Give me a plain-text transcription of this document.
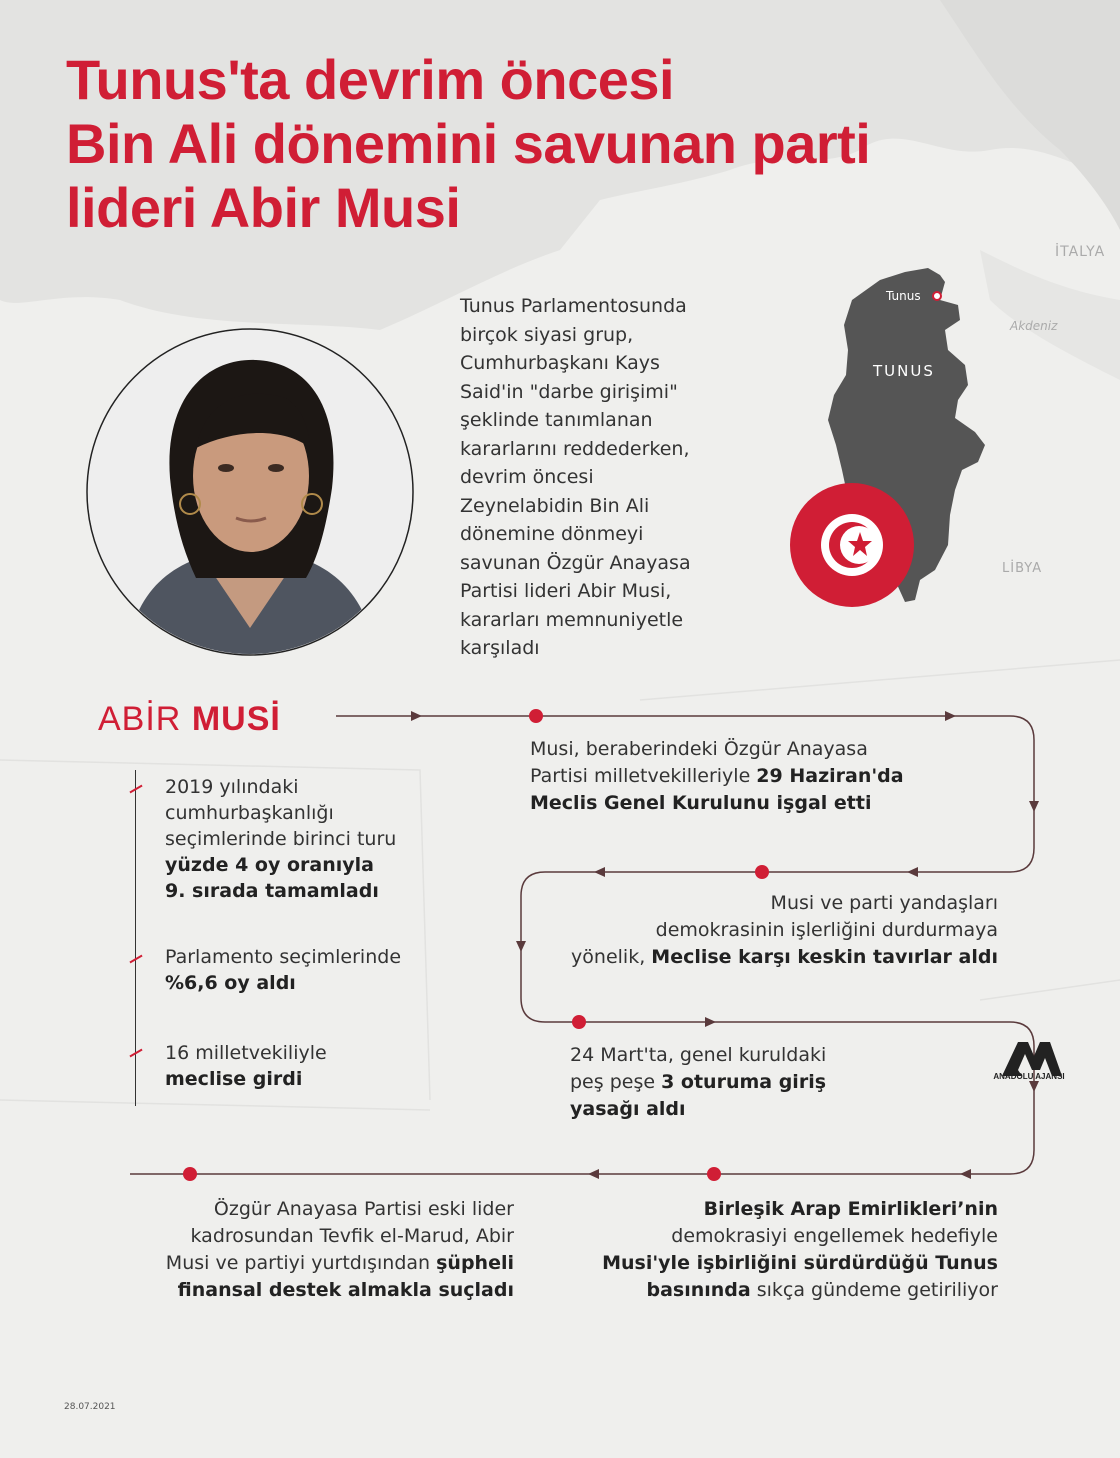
Tunus'ta devrim öncesi
Bin Ali dönemini savunan parti
lideri Abir Musi
Tunus Parlamentosunda
birçok siyasi grup,
Cumhurbaşkanı Kays
Said'in "darbe girişimi"
şeklinde tanımlanan
kararlarını reddederken,
devrim öncesi
Zeynelabidin Bin Ali
dönemine dönmeyi
savunan Özgür Anayasa
Partisi lideri Abir Musi,
kararları memnuniyetle
karşıladı
İTALYA
Akdeniz
LİBYA
Tunus
TUNUS
ABİR MUSİ
2019 yılındaki
cumhurbaşkanlığı
seçimlerinde birinci turu
yüzde 4 oy oranıyla
9. sırada tamamladı
Parlamento seçimlerinde
%6,6 oy aldı
16 milletvekiliyle
meclise girdi
Musi, beraberindeki Özgür Anayasa
Partisi milletvekilleriyle 29 Haziran'da
Meclis Genel Kurulunu işgal etti
Musi ve parti yandaşları
demokrasinin işlerliğini durdurmaya
yönelik, Meclise karşı keskin tavırlar aldı
24 Mart'ta, genel kuruldaki
peş peşe 3 oturuma giriş
yasağı aldı
Birleşik Arap Emirlikleri’nin
demokrasiyi engellemek hedefiyle
Musi'yle işbirliğini sürdürdüğü Tunus
basınında sıkça gündeme getiriliyor
Özgür Anayasa Partisi eski lider
kadrosundan Tevfik el-Marud, Abir
Musi ve partiyi yurtdışından şüpheli
finansal destek almakla suçladı
28.07.2021
ANADOLU AJANSI
